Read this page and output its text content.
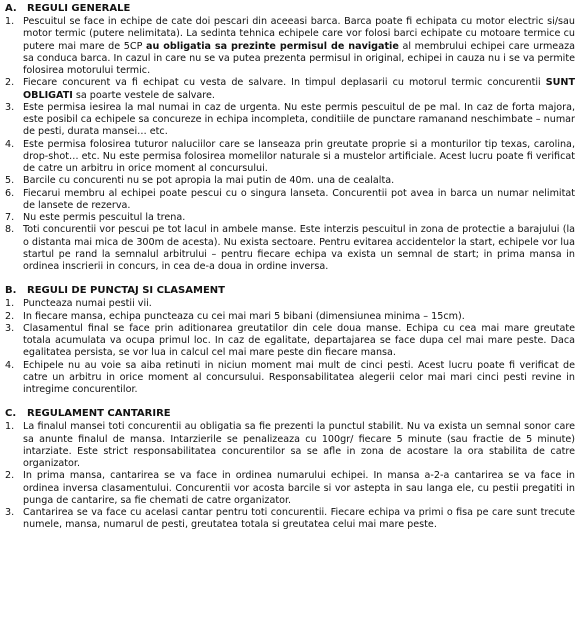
A.	REGULI GENERALE
1. Pescuitul se face in echipe de cate doi pescari din aceeasi barca. Barca poate fi echipata cu motor electric si/sau motor termic (putere nelimitata). La sedinta tehnica echipele care vor folosi barci echipate cu motoare termice cu putere mai mare de 5CP au obligatia sa prezinte permisul de navigatie al membrului echipei care urmeaza sa conduca barca. In cazul in care nu se va putea prezenta permisul in original, echipei in cauza nu i se va permite folosirea motorului termic.
2. Fiecare concurent va fi echipat cu vesta de salvare. In timpul deplasarii cu motorul termic concurentii SUNT OBLIGATI sa poarte vestele de salvare.
3. Este permisa iesirea la mal numai in caz de urgenta. Nu este permis pescuitul de pe mal. In caz de forta majora, este posibil ca echipele sa concureze in echipa incompleta, conditiile de punctare ramanand neschimbate – numar de pesti, durata mansei… etc.
4. Este permisa folosirea tuturor naluciilor care se lanseaza prin greutate proprie si a monturilor tip texas, carolina, drop-shot… etc. Nu este permisa folosirea momelilor naturale si a mustelor artificiale. Acest lucru poate fi verificat de catre un arbitru in orice moment al concursului.
5. Barcile cu concurenti nu se pot apropia la mai putin de 40m. una de cealalta.
6. Fiecarui membru al echipei poate pescui cu o singura lanseta. Concurentii pot avea in barca un numar nelimitat de lansete de rezerva.
7. Nu este permis pescuitul la trena.
8. Toti concurentii vor pescui pe tot lacul in ambele manse. Este interzis pescuitul in zona de protectie a barajului (la o distanta mai mica de 300m de acesta). Nu exista sectoare. Pentru evitarea accidentelor la start, echipele vor lua startul pe rand la semnalul arbitrului – pentru fiecare echipa va exista un semnal de start; in prima mansa in ordinea inscrierii in concurs, in cea de-a doua in ordine inversa.
B.	REGULI DE PUNCTAJ SI CLASAMENT
1. Puncteaza numai pestii vii.
2. In fiecare mansa, echipa puncteaza cu cei mai mari 5 bibani (dimensiunea minima – 15cm).
3. Clasamentul final se face prin aditionarea greutatilor din cele doua manse. Echipa cu cea mai mare greutate totala acumulata va ocupa primul loc. In caz de egalitate, departajarea se face dupa cel mai mare peste. Daca egalitatea persista, se vor lua in calcul cel mai mare peste din fiecare mansa.
4. Echipele nu au voie sa aiba retinuti in niciun moment mai mult de cinci pesti. Acest lucru poate fi verificat de catre un arbitru in orice moment al concursului. Responsabilitatea alegerii celor mai mari cinci pesti revine in intregime concurentilor.
C.	REGULAMENT CANTARIRE
1. La finalul mansei toti concurentii au obligatia sa fie prezenti la punctul stabilit. Nu va exista un semnal sonor care sa anunte finalul de mansa. Intarzierile se penalizeaza cu 100gr/ fiecare 5 minute (sau fractie de 5 minute) intarziate. Este strict responsabilitatea concurentilor sa se afle in zona de acostare la ora stabilita de catre organizator.
2. In prima mansa, cantarirea se va face in ordinea numarului echipei. In mansa a-2-a cantarirea se va face in ordinea inversa clasamentului. Concurentii vor acosta barcile si vor astepta in sau langa ele, cu pestii pregatiti in punga de cantarire, sa fie chemati de catre organizator.
3. Cantarirea se va face cu acelasi cantar pentru toti concurentii. Fiecare echipa va primi o fisa pe care sunt trecute numele, mansa, numarul de pesti, greutatea totala si greutatea celui mai mare peste.
